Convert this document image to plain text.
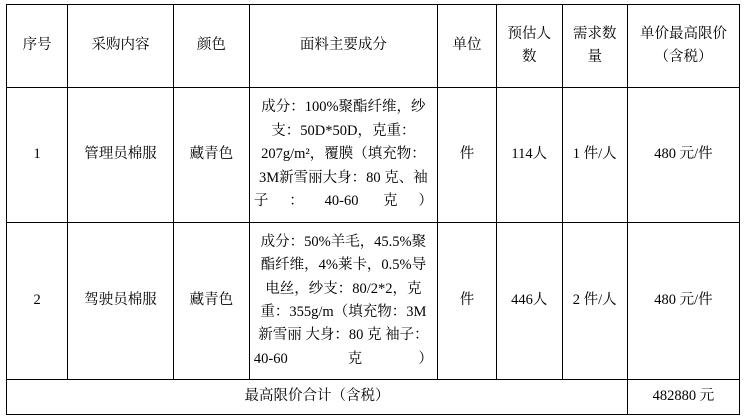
序号	采购内容	颜色	面料主要成分	单位	预估人数	需求数量	单价最高限价（含税）

1	管理员棉服	藏青色	成分：100%聚酯纤维，纱支：50D*50D，克重：207g/m²，覆膜（填充物：3M新雪丽大身：80 克、袖子：40-60 克）	件	114人	1 件/人	480 元/件
2	驾驶员棉服	藏青色	成分：50%羊毛，45.5%聚酯纤维，4%莱卡，0.5%导电丝，纱支：80/2*2，克重：355g/m（填充物：3M新雪丽 大身：80 克 袖子：40-60 克）	件	446人	2 件/人	480 元/件
最高限价合计（含税）							482880 元
